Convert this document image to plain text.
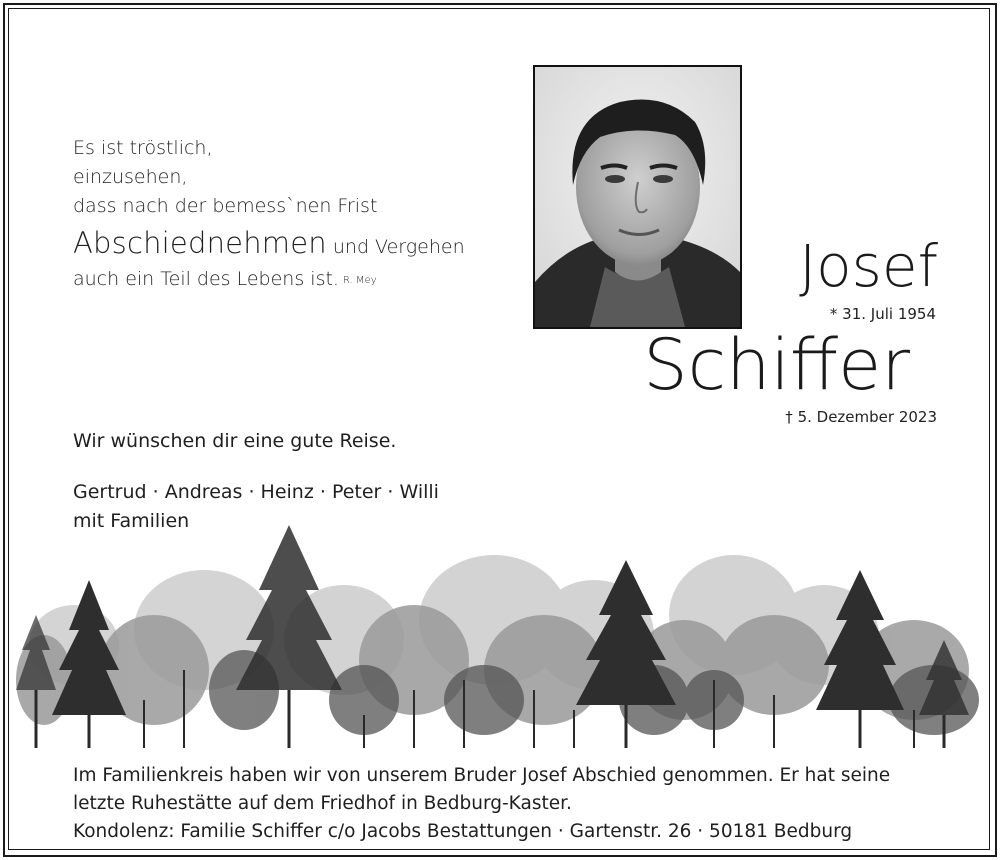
Es ist tröstlich,
einzusehen,
dass nach der bemess`nen Frist
Abschiednehmen und Vergehen
auch ein Teil des Lebens ist. R. Mey	Josef
* 31. Juli 1954
Schiffer
† 5. Dezember 2023
Wir wünschen dir eine gute Reise.
Gertrud · Andreas · Heinz · Peter · Willi
Im Familienkreis haben wir von unserem Bruder Josef Abschied genommen. Er hat seine
letzte Ruhestätte auf dem Friedhof in Bedburg-Kaster.
Kondolenz: Familie Schiffer c/o Jacobs Bestattungen · Gartenstr. 26 · 50181 Bedburg
